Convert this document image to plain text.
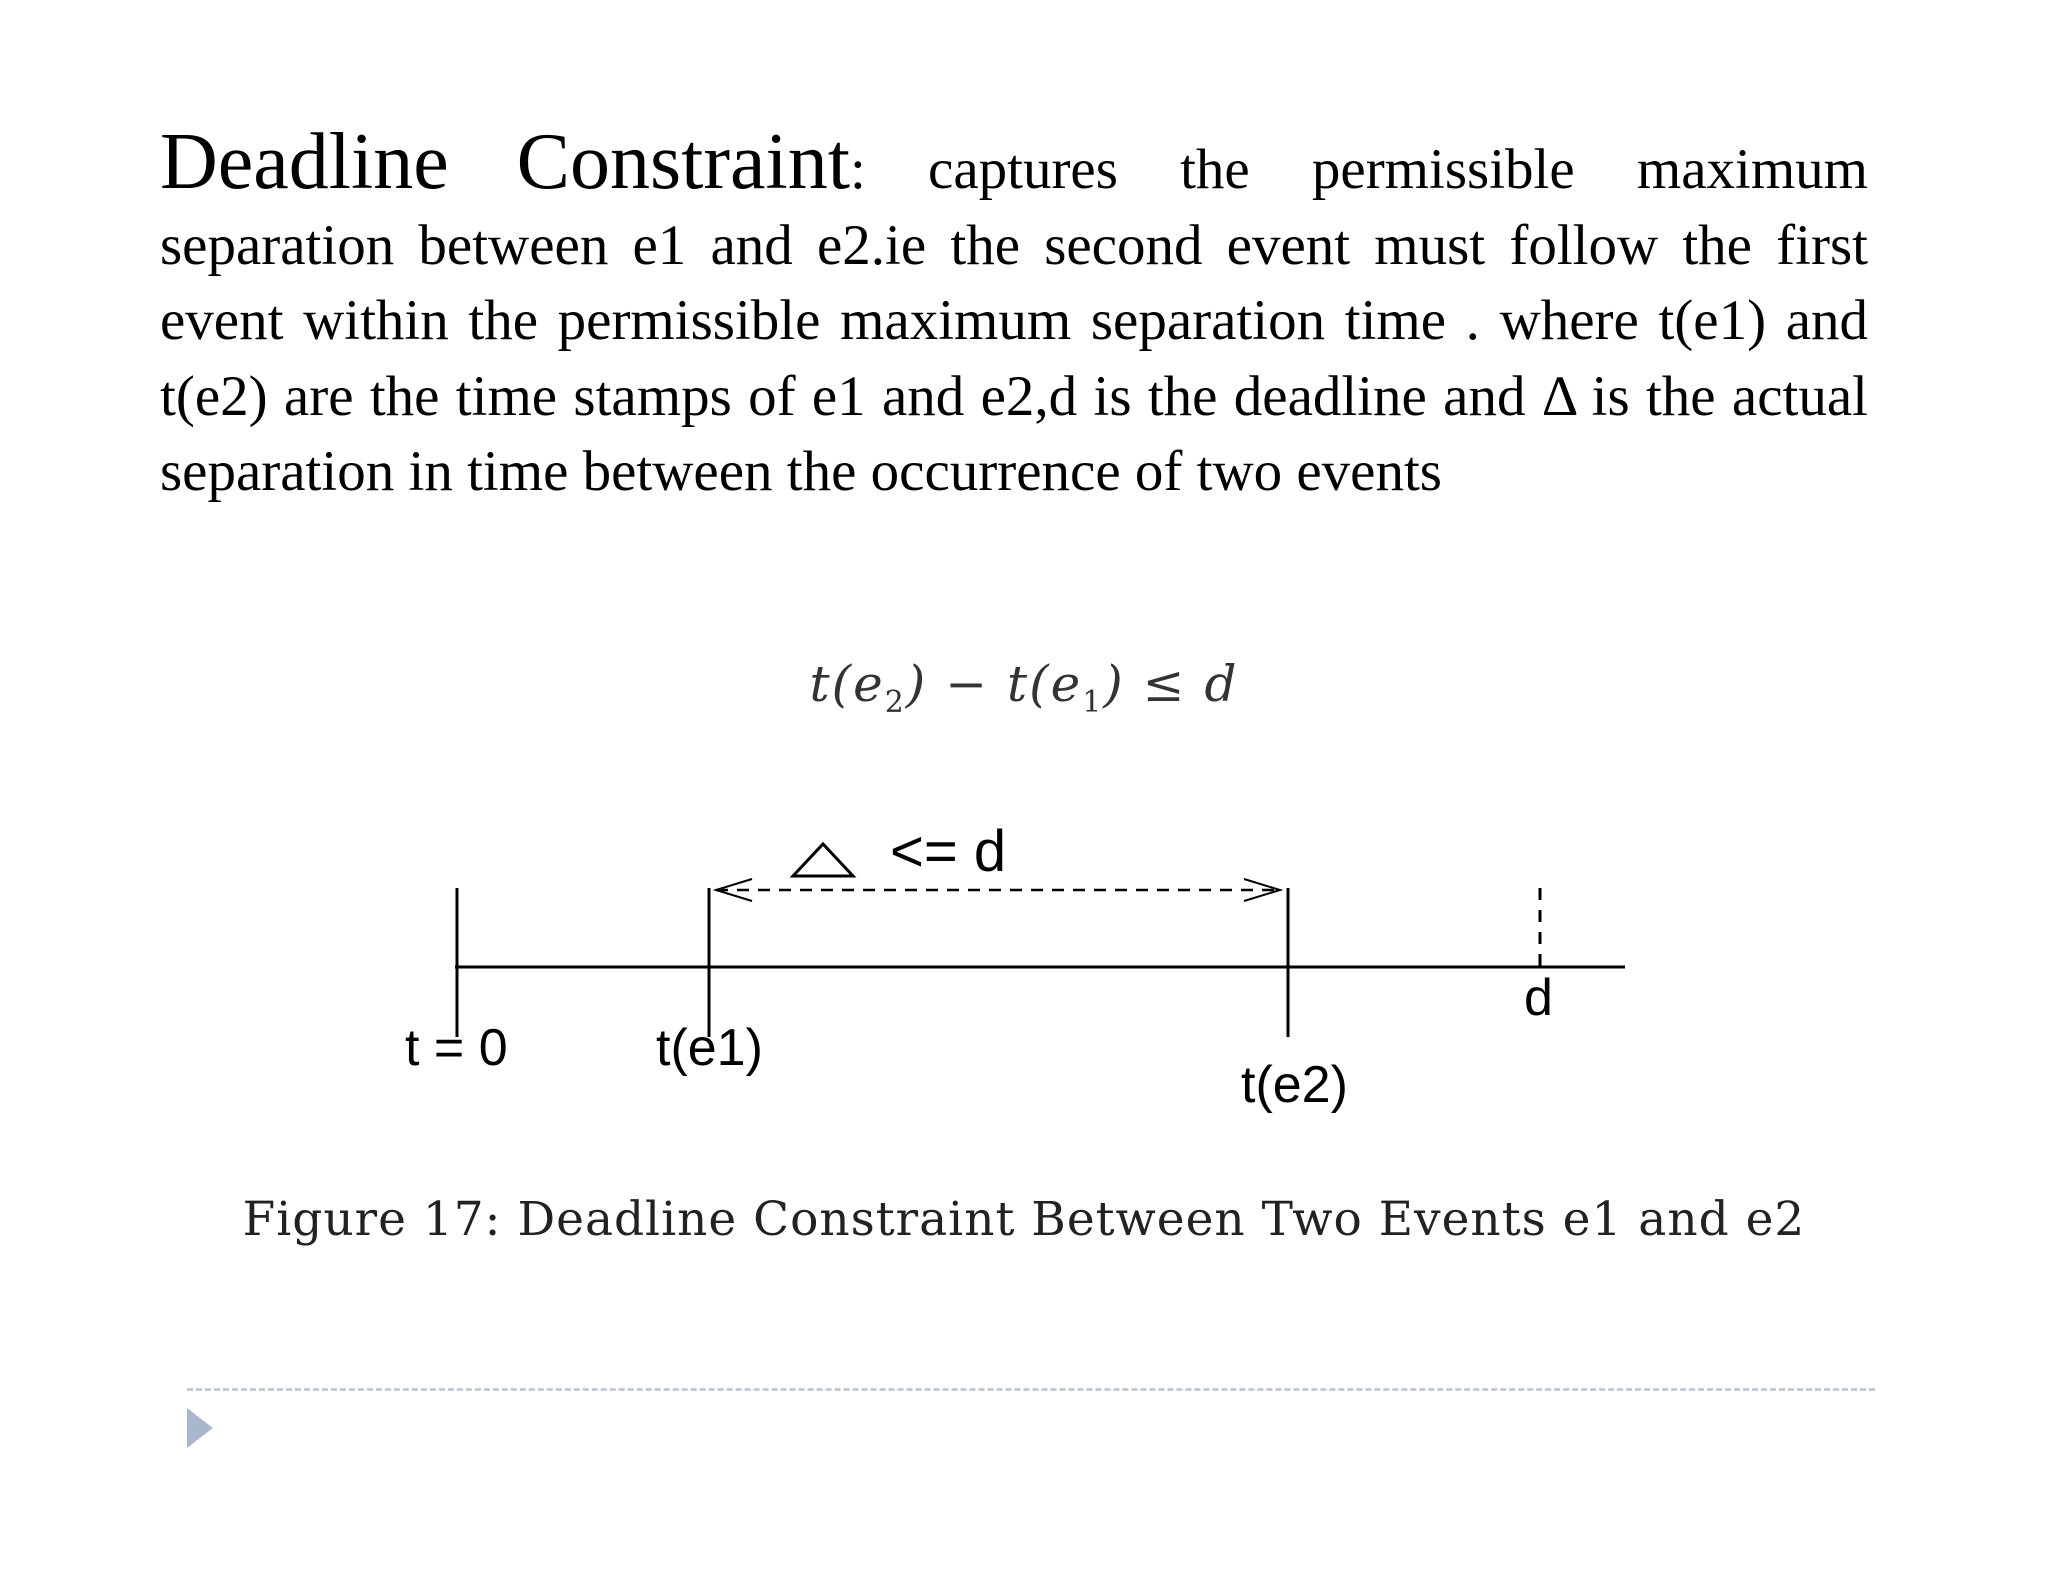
Deadline Constraint: captures the permissible maximum separation between e1 and e2.ie the second event must follow the first event within the permissible maximum separation time . where t(e1) and t(e2) are the time stamps of e1 and e2,d is the deadline and Δ is the actual separation in time between the occurrence of two events

$t(e_2) - t(e_1) \le d$
<= d
t = 0	t(e1)
t(e2)
d
Figure 17: Deadline Constraint Between Two Events e1 and e2
